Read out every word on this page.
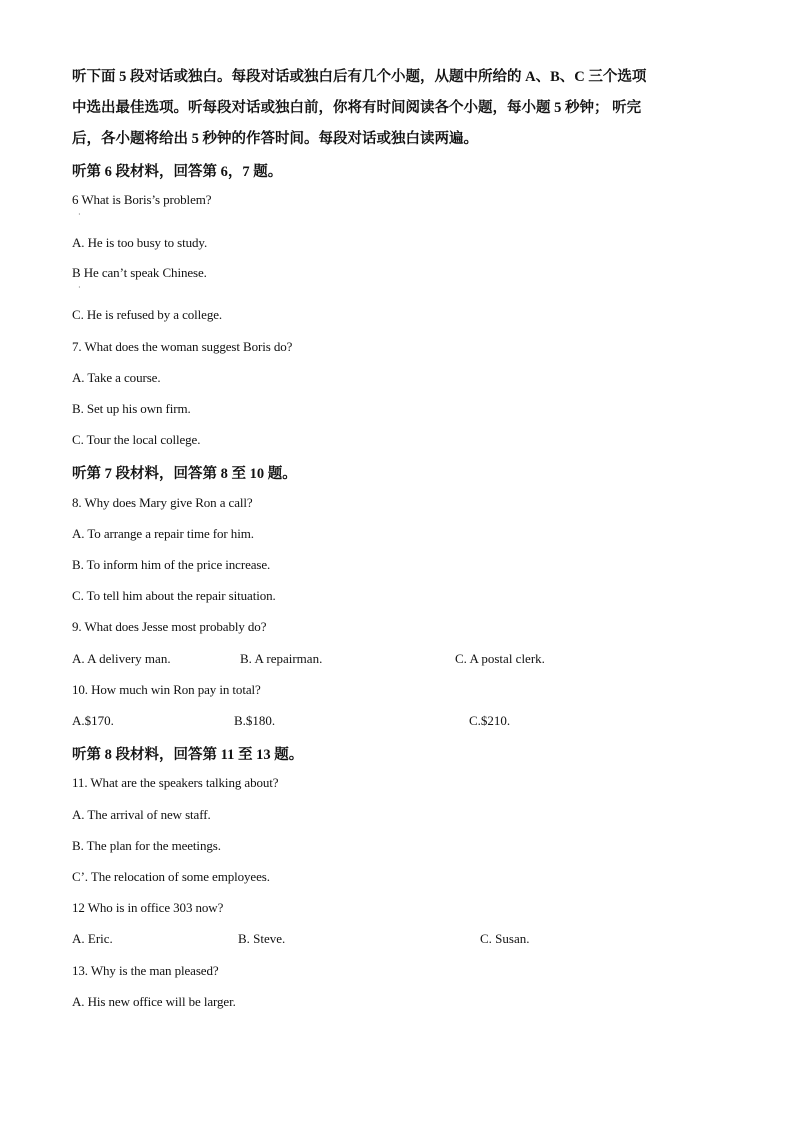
听下面 5 段对话或独白。每段对话或独白后有几个小题，从题中所给的 A、B、C 三个选项
中选出最佳选项。听每段对话或独白前，你将有时间阅读各个小题，每小题 5 秒钟； 听完
后，各小题将给出 5 秒钟的作答时间。每段对话或独白读两遍。
听第 6 段材料，回答第 6，7 题。
6 What is Boris’s problem?
·
A. He is too busy to study.
B He can’t speak Chinese.
·
C. He is refused by a college.
7. What does the woman suggest Boris do?
A. Take a course.
B. Set up his own firm.
C. Tour the local college.
听第 7 段材料，回答第 8 至 10 题。
8. Why does Mary give Ron a call?
A. To arrange a repair time for him.
B. To inform him of the price increase.
C. To tell him about the repair situation.
9. What does Jesse most probably do?
A. A delivery man.	B. A repairman.	C. A postal clerk.
10. How much win Ron pay in total?
A.$170.	B.$180.	C.$210.
听第 8 段材料，回答第 11 至 13 题。
11. What are the speakers talking about?
A. The arrival of new staff.
B. The plan for the meetings.
C’. The relocation of some employees.
12 Who is in office 303 now?
A. Eric.	B. Steve.	C. Susan.
13. Why is the man pleased?
A. His new office will be larger.
